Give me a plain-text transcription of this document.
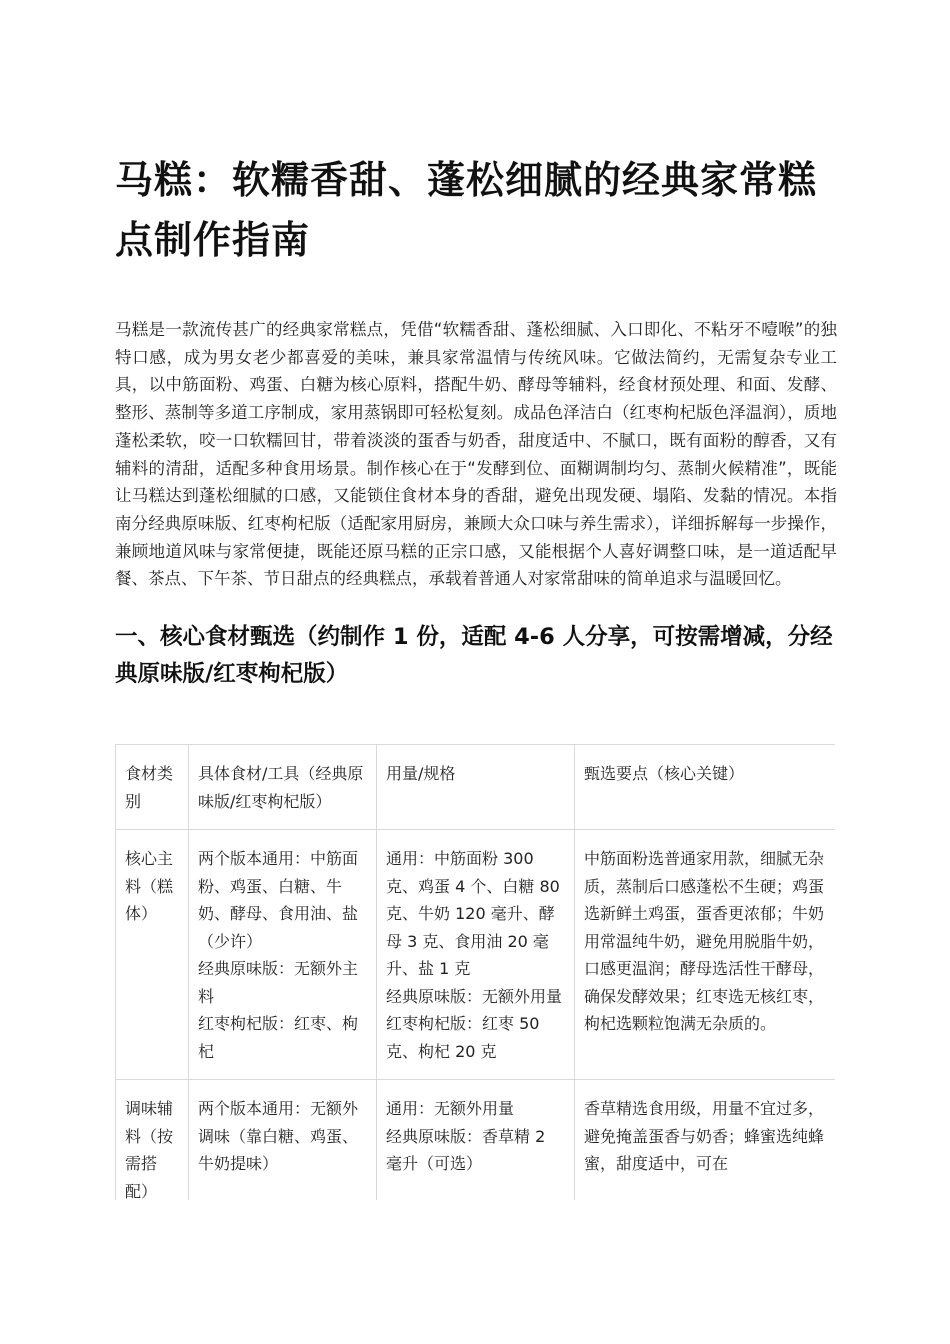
马糕：软糯香甜、蓬松细腻的经典家常糕点制作指南

马糕是一款流传甚广的经典家常糕点，凭借“软糯香甜、蓬松细腻、入口即化、不粘牙不噎喉”的独特口感，成为男女老少都喜爱的美味，兼具家常温情与传统风味。它做法简约，无需复杂专业工具，以中筋面粉、鸡蛋、白糖为核心原料，搭配牛奶、酵母等辅料，经食材预处理、和面、发酵、整形、蒸制等多道工序制成，家用蒸锅即可轻松复刻。成品色泽洁白（红枣枸杞版色泽温润），质地蓬松柔软，咬一口软糯回甘，带着淡淡的蛋香与奶香，甜度适中、不腻口，既有面粉的醇香，又有辅料的清甜，适配多种食用场景。制作核心在于“发酵到位、面糊调制均匀、蒸制火候精准”，既能让马糕达到蓬松细腻的口感，又能锁住食材本身的香甜，避免出现发硬、塌陷、发黏的情况。本指南分经典原味版、红枣枸杞版（适配家用厨房，兼顾大众口味与养生需求），详细拆解每一步操作，兼顾地道风味与家常便捷，既能还原马糕的正宗口感，又能根据个人喜好调整口味，是一道适配早餐、茶点、下午茶、节日甜点的经典糕点，承载着普通人对家常甜味的简单追求与温暖回忆。

一、核心食材甄选（约制作 1 份，适配 4-6 人分享，可按需增减，分经典原味版/红枣枸杞版）
食材类别	具体食材/工具（经典原味版/红枣枸杞版）	用量/规格	甄选要点（核心关键）
核心主料（糕体）	两个版本通用：中筋面粉、鸡蛋、白糖、牛奶、酵母、食用油、盐（少许）
经典原味版：无额外主料
红枣枸杞版：红枣、枸杞	通用：中筋面粉 300 克、鸡蛋 4 个、白糖 80 克、牛奶 120 毫升、酵母 3 克、食用油 20 毫升、盐 1 克
经典原味版：无额外用量
红枣枸杞版：红枣 50 克、枸杞 20 克	中筋面粉选普通家用款，细腻无杂质，蒸制后口感蓬松不生硬；鸡蛋选新鲜土鸡蛋，蛋香更浓郁；牛奶用常温纯牛奶，避免用脱脂牛奶，口感更温润；酵母选活性干酵母，确保发酵效果；红枣选无核红枣，枸杞选颗粒饱满无杂质的。
调味辅料（按需搭配）	两个版本通用：无额外调味（靠白糖、鸡蛋、牛奶提味）	通用：无额外用量
经典原味版：香草精 2 毫升（可选）	香草精选食用级，用量不宜过多，避免掩盖蛋香与奶香；蜂蜜选纯蜂蜜，甜度适中，可在
